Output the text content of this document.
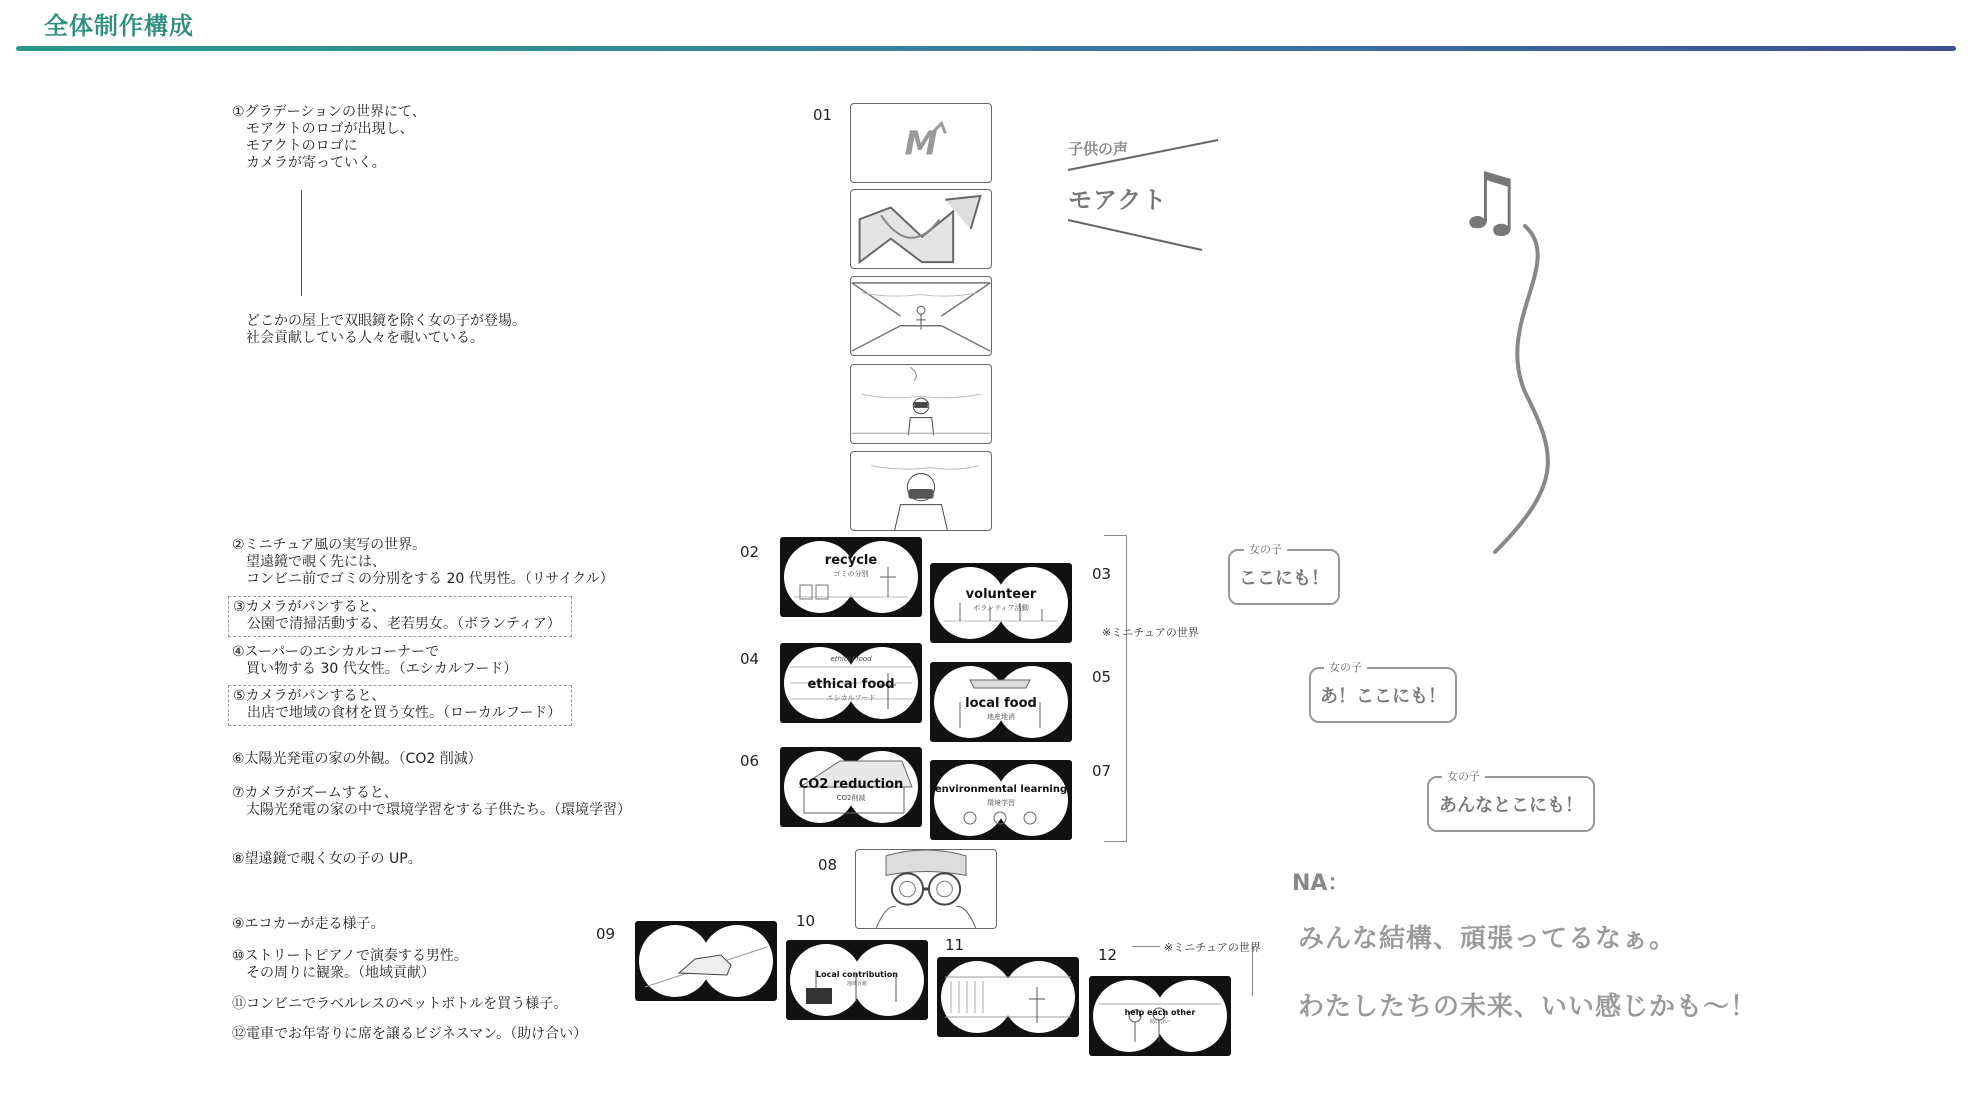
全体制作構成
①グラデーションの世界にて、
　モアクトのロゴが出現し、
　モアクトのロゴに
　カメラが寄っていく。
どこかの屋上で双眼鏡を除く女の子が登場。
社会貢献している人々を覗いている。
②ミニチュア風の実写の世界。
　望遠鏡で覗く先には、
　コンビニ前でゴミの分別をする 20 代男性。（リサイクル）
③カメラがパンすると、
　公園で清掃活動する、老若男女。（ボランティア）
④スーパーのエシカルコーナーで
　買い物する 30 代女性。（エシカルフード）
⑤カメラがパンすると、
　出店で地域の食材を買う女性。（ローカルフード）
⑥太陽光発電の家の外観。（CO2 削減）
⑦カメラがズームすると、
　太陽光発電の家の中で環境学習をする子供たち。（環境学習）
⑧望遠鏡で覗く女の子の UP。
⑨エコカーが走る様子。
⑩ストリートピアノで演奏する男性。
　その周りに観衆。（地域貢献）
⑪コンビニでラベルレスのペットボトルを買う様子。
⑫電車でお年寄りに席を譲るビジネスマン。（助け合い）
01
M	子供の声
モアクト	♫
02	recycle
ゴミの分別
volunteer
ボランティア活動
03
04	ethical food
ethical food
エシカルフード	local food
地産地消
05
06
CO2 reduction
CO2削減
environmental learning
環境学習
07
※ミニチュアの世界
08
09
10
Local contribution
地域貢献
11
12
help each other
助け合い
※ミニチュアの世界
ここにも！
女の子
あ！ここにも！
女の子
あんなとこにも！
女の子
NA：
みんな結構、頑張ってるなぁ。
わたしたちの未来、いい感じかも〜！
